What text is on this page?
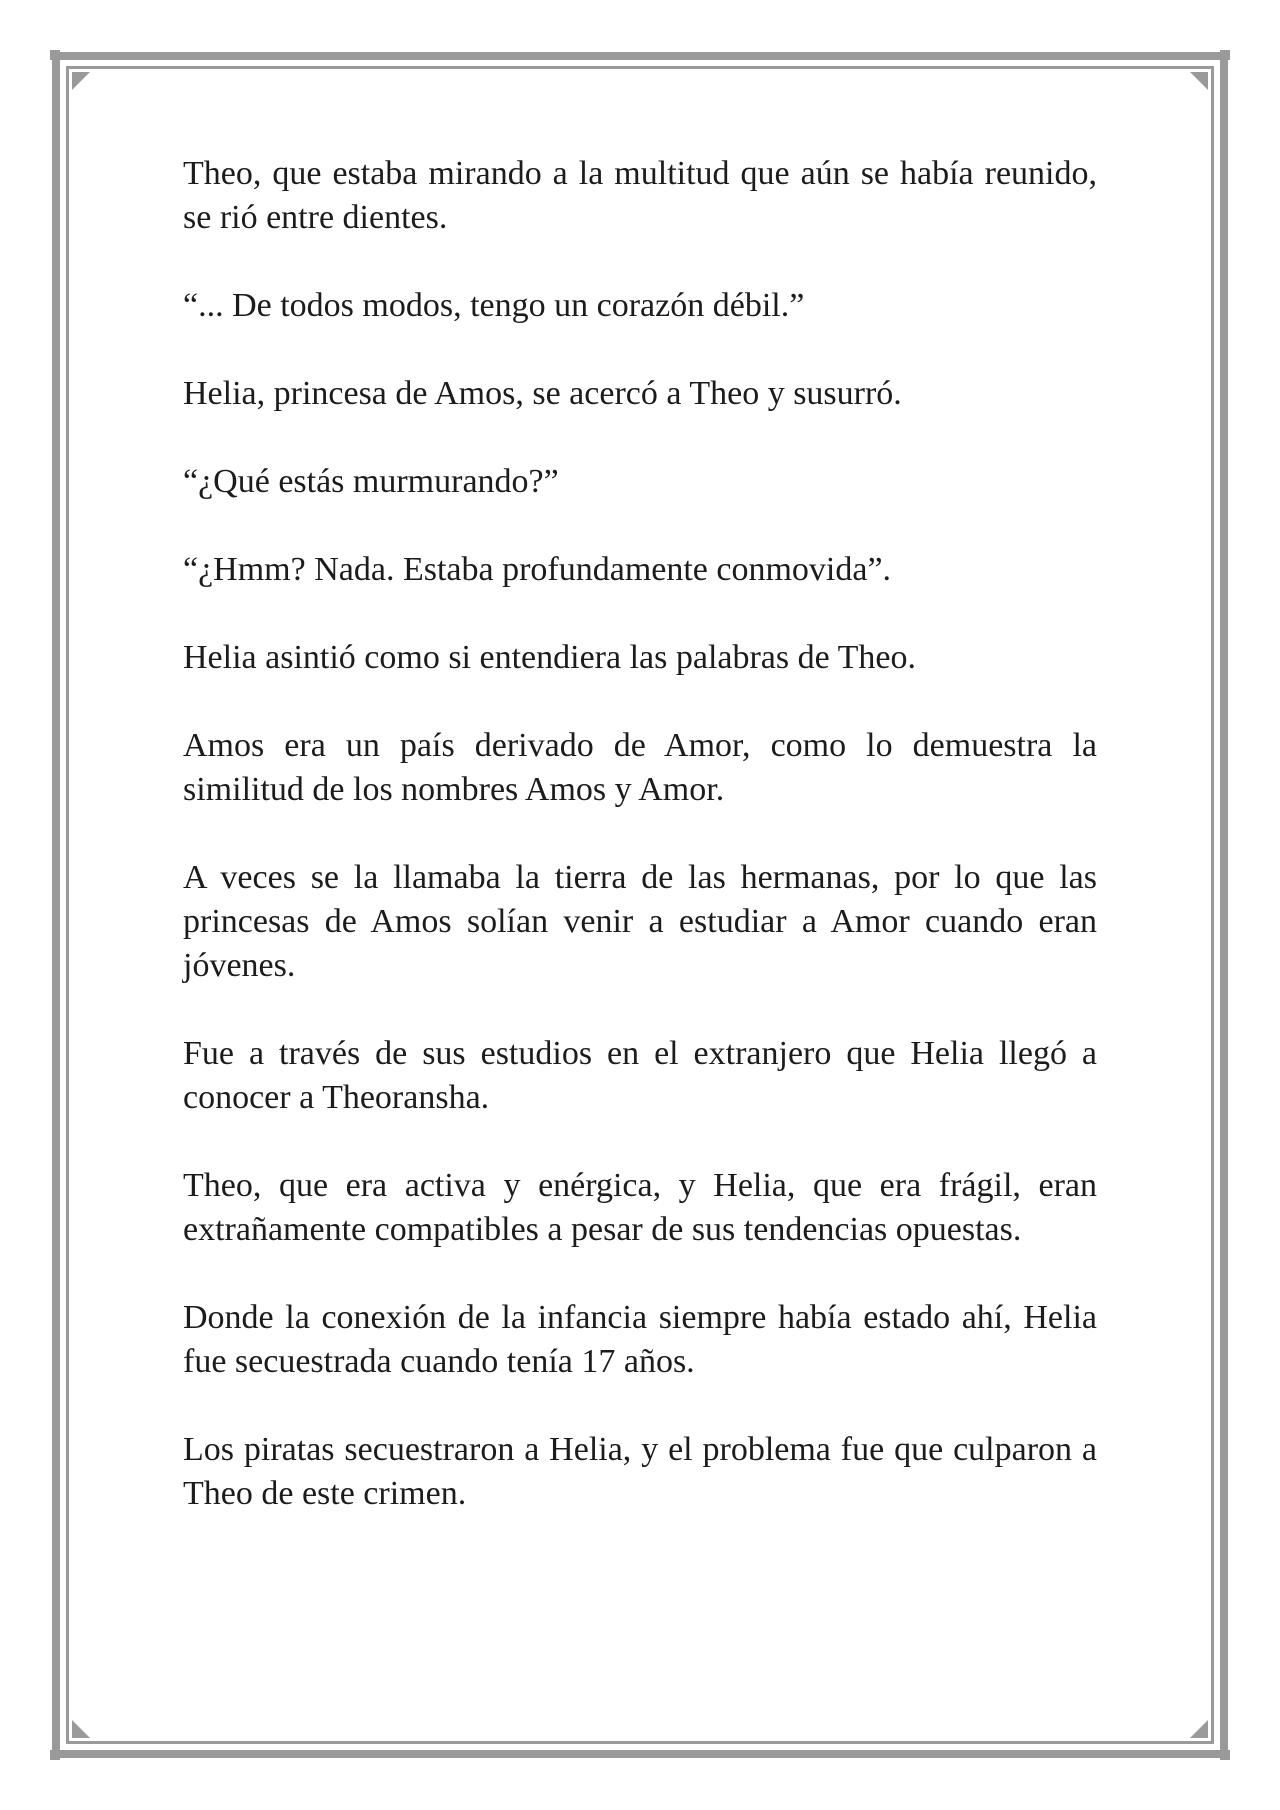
Theo, que estaba mirando a la multitud que aún se había reunido, se rió entre dientes.

“... De todos modos, tengo un corazón débil.”

Helia, princesa de Amos, se acercó a Theo y susurró.

“¿Qué estás murmurando?”

“¿Hmm? Nada. Estaba profundamente conmovida”.

Helia asintió como si entendiera las palabras de Theo.

Amos era un país derivado de Amor, como lo demuestra la similitud de los nombres Amos y Amor.

A veces se la llamaba la tierra de las hermanas, por lo que las princesas de Amos solían venir a estudiar a Amor cuando eran jóvenes.

Fue a través de sus estudios en el extranjero que Helia llegó a conocer a Theoransha.

Theo, que era activa y enérgica, y Helia, que era frágil, eran extrañamente compatibles a pesar de sus tendencias opuestas.

Donde la conexión de la infancia siempre había estado ahí, Helia fue secuestrada cuando tenía 17 años.

Los piratas secuestraron a Helia, y el problema fue que culparon a Theo de este crimen.
